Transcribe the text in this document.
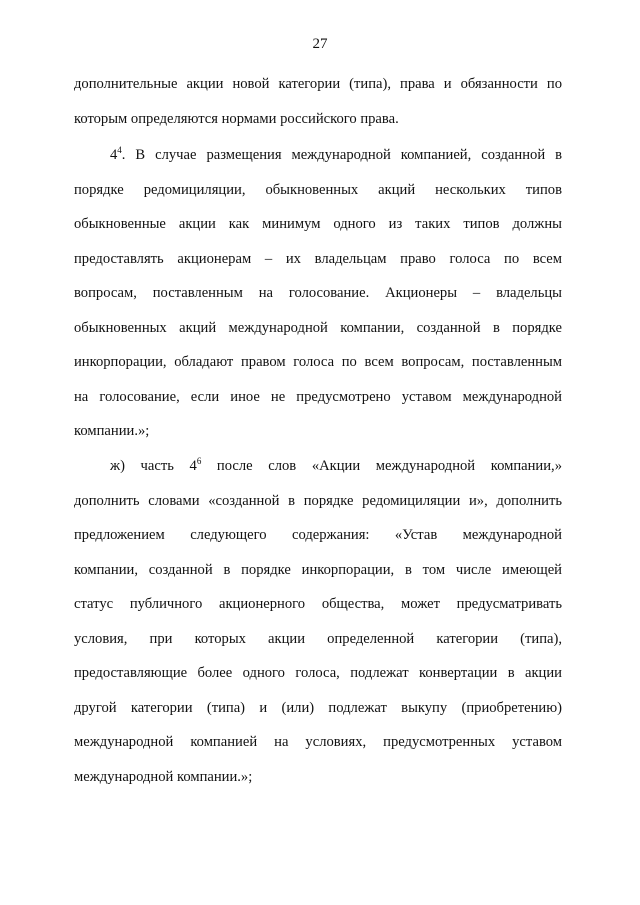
27
дополнительные акции новой категории (типа), права и обязанности по
которым определяются нормами российского права.
$4^4$. В случае размещения международной компанией, созданной в
порядке редомициляции, обыкновенных акций нескольких типов
обыкновенные акции как минимум одного из таких типов должны
предоставлять акционерам – их владельцам право голоса по всем
вопросам, поставленным на голосование. Акционеры – владельцы
обыкновенных акций международной компании, созданной в порядке
инкорпорации, обладают правом голоса по всем вопросам, поставленным
на голосование, если иное не предусмотрено уставом международной
компании.»;
ж) часть $4^6$ после слов «Акции международной компании,»
дополнить словами «созданной в порядке редомициляции и», дополнить
предложением следующего содержания: «Устав международной
компании, созданной в порядке инкорпорации, в том числе имеющей
статус публичного акционерного общества, может предусматривать
условия, при которых акции определенной категории (типа),
предоставляющие более одного голоса, подлежат конвертации в акции
другой категории (типа) и (или) подлежат выкупу (приобретению)
международной компанией на условиях, предусмотренных уставом
международной компании.»;
